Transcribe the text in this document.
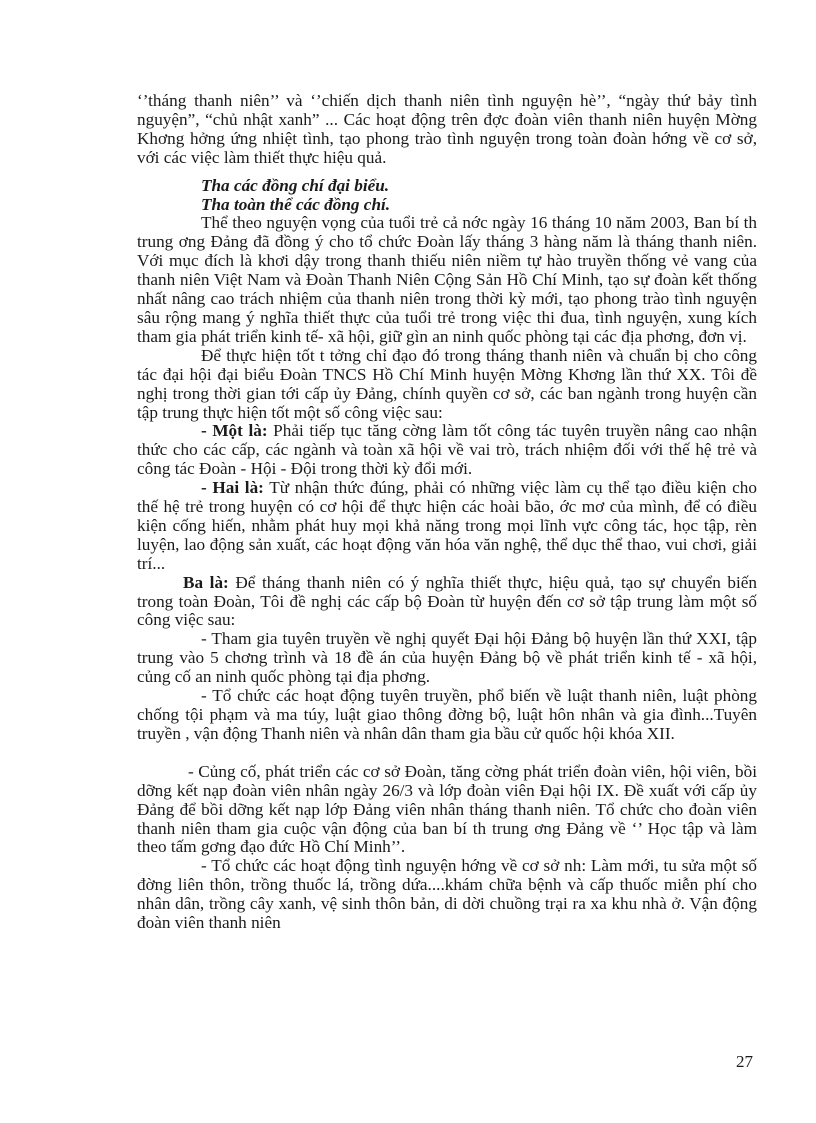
‘’tháng thanh niên’’ và ‘’chiến dịch thanh niên tình nguyện hè’’, “ngày thứ bảy tình nguyện”, “chủ nhật xanh” ... Các hoạt động trên đợc đoàn viên thanh niên huyện Mờng Khơng hởng ứng nhiệt tình, tạo phong trào tình nguyện trong toàn đoàn hớng về cơ sở, với các việc làm thiết thực hiệu quả.

Tha các đồng chí đại biểu.

Tha toàn thể các đồng chí.

Thể theo nguyện vọng của tuổi trẻ cả nớc ngày 16 tháng 10 năm 2003, Ban bí th trung ơng Đảng đã đồng ý cho tổ chức Đoàn lấy tháng 3 hàng năm là tháng thanh niên. Với mục đích là khơi dậy trong thanh thiếu niên niềm tự hào truyền thống vẻ vang của thanh niên Việt Nam và Đoàn Thanh Niên Cộng Sản Hồ Chí Minh, tạo sự đoàn kết thống nhất nâng cao trách nhiệm của thanh niên trong thời kỳ mới, tạo phong trào tình nguyện sâu rộng mang ý nghĩa thiết thực của tuổi trẻ trong việc thi đua, tình nguyện, xung kích tham gia phát triển kinh tế- xã hội, giữ gìn an ninh quốc phòng tại các địa phơng, đơn vị.

Để thực hiện tốt t tởng chỉ đạo đó trong tháng thanh niên và chuẩn bị cho công tác đại hội đại biểu Đoàn TNCS Hồ Chí Minh huyện Mờng Khơng lần thứ XX. Tôi đề nghị trong thời gian tới cấp ủy Đảng, chính quyền cơ sở, các ban ngành trong huyện cần tập trung thực hiện tốt một số công việc sau:

- Một là: Phải tiếp tục tăng cờng làm tốt công tác tuyên truyền nâng cao nhận thức cho các cấp, các ngành và toàn xã hội về vai trò, trách nhiệm đối với thế hệ trẻ và công tác Đoàn - Hội - Đội trong thời kỳ đổi mới.

- Hai là: Từ nhận thức đúng, phải có những việc làm cụ thể tạo điều kiện cho thế hệ trẻ trong huyện có cơ hội để thực hiện các hoài bão, ớc mơ của mình, để có điều kiện cống hiến, nhằm phát huy mọi khả năng trong mọi lĩnh vực công tác, học tập, rèn luyện, lao động sản xuất, các hoạt động văn hóa văn nghệ, thể dục thể thao, vui chơi, giải trí...

Ba là: Để tháng thanh niên có ý nghĩa thiết thực, hiệu quả, tạo sự chuyển biến trong toàn Đoàn, Tôi đề nghị các cấp bộ Đoàn từ huyện đến cơ sở tập trung làm một số công việc sau:

- Tham gia tuyên truyền về nghị quyết Đại hội Đảng bộ huyện lần thứ XXI, tập trung vào 5 chơng trình và 18 đề án của huyện Đảng bộ về phát triển kinh tế - xã hội, củng cố an ninh quốc phòng tại địa phơng.

- Tổ chức các hoạt động tuyên truyền, phổ biến về luật thanh niên, luật phòng chống tội phạm và ma túy, luật giao thông đờng bộ, luật hôn nhân và gia đình...Tuyên truyền , vận động Thanh niên và nhân dân tham gia bầu cử quốc hội khóa XII.

- Củng cố, phát triển các cơ sở Đoàn, tăng cờng phát triển đoàn viên, hội viên, bồi dỡng kết nạp đoàn viên nhân ngày 26/3 và lớp đoàn viên Đại hội IX. Đề xuất với cấp ủy Đảng để bồi dỡng kết nạp lớp Đảng viên nhân tháng thanh niên. Tổ chức cho đoàn viên thanh niên tham gia cuộc vận động của ban bí th trung ơng Đảng về ‘’ Học tập và làm theo tấm gơng đạo đức Hồ Chí Minh’’.

- Tổ chức các hoạt động tình nguyện hớng về cơ sở nh: Làm mới, tu sửa một số đờng liên thôn, trồng thuốc lá, trồng dứa....khám chữa bệnh và cấp thuốc miễn phí cho nhân dân, trồng cây xanh, vệ sinh thôn bản, di dời chuồng trại ra xa khu nhà ở. Vận động đoàn viên thanh niên

27
